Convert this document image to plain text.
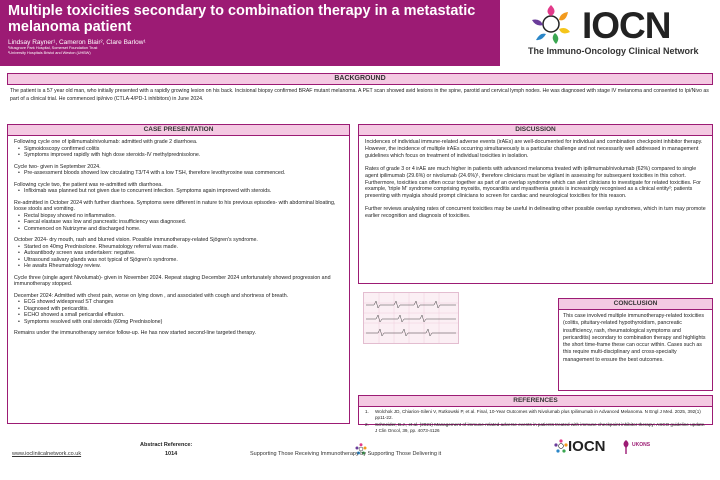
Multiple toxicities secondary to combination therapy in a metastatic melanoma patient
Lindsay Rayner¹, Cameron Blair², Clare Barlow¹
¹Musgrove Park Hospital, Somerset Foundation Trust
²University Hospitals Bristol and Weston (UHBW)
IOCN
The Immuno-Oncology Clinical Network
BACKGROUND
The patient is a 57 year old man, who initially presented with a rapidly growing lesion on his back. Incisional biopsy confirmed BRAF mutant melanoma. A PET scan showed avid lesions in the spine, parotid and cervical lymph nodes. He was diagnosed with stage IV melanoma and consented to Ipi/Nivo as part of a clinical trial. He commenced ipi/nivo (CTLA-4/PD-1 inhibitors) in June 2024.
CASE PRESENTATION

Following cycle one of ipilimumab/nivolumab: admitted with grade 2 diarrhoea.

• Sigmoidoscopy confirmed colitis
• Symptoms improved rapidly with high dose steroids-IV methylprednisolone.

Cycle two- given in September 2024.

• Pre-assessment bloods showed low circulating T3/T4 with a low TSH, therefore levothyroxine was commenced.

Following cycle two, the patient was re-admitted with diarrhoea.

• Infliximab was planned but not given due to concurrent infection. Symptoms again improved with steroids.

Re-admitted in October 2024 with further diarrhoea. Symptoms were different in nature to his previous episodes- with abdominal bloating, loose stools and vomiting.

• Rectal biopsy showed no inflammation.
• Faecal elastase was low and pancreatic insufficiency was diagnosed.
• Commenced on Nutrizyme and discharged home.

October 2024- dry mouth, rash and blurred vision. Possible immunotherapy-related Sjögren's syndrome.

• Started on 40mg Prednisolone. Rheumatology referral was made.
• Autoantibody screen was undertaken: negative.
• Ultrasound salivary glands was not typical of Sjögren's syndrome.
• He awaits Rheumatology review.

Cycle three (single agent Nivolumab)- given in November 2024. Repeat staging December 2024 unfortunately showed progression and immunotherapy stopped.

December 2024: Admitted with chest pain, worse on lying down , and associated with cough and shortness of breath.

• ECG showed widespread ST changes
• Diagnosed with pericarditis.
• ECHO showed a small pericardial effusion.
• Symptoms resolved with oral steroids (60mg Prednisolone)

Remains under the immunotherapy service follow-up. He has now started second-line targeted therapy.

DISCUSSION

Incidences of individual immune-related adverse events (irAEs) are well-documented for individual and combination checkpoint inhibitor therapy. However, the incidence of multiple irAEs occurring simultaneously is a particular challenge and not necessarily well addressed in management guidelines which focus on treatment of individual toxicities in isolation.

Rates of grade 3 or 4 irAE are much higher in patients with advanced melanoma treated with ipilimumab/nivolumab (62%) compared to single agent ipilimumab (29.6%) or nivolumab (24.6%)¹, therefore clinicians must be vigilant in assessing for subsequent toxicities in this cohort. Furthermore, toxicities can often occur together as part of an overlap syndrome which can alert clinicians to investigate for related toxicities. For example, 'triple M' syndrome comprising myositis, myocarditis and myasthenia gravis is increasingly recognised as a clinical entity²; patients presenting with myalgia should prompt clinicians to screen for cardiac and neurological toxicities for this reason.

Further reviews analysing rates of concurrent toxicities may be useful in delineating other possible overlap syndromes, which in turn may promote earlier recognition and diagnosis of toxicities.

CONCLUSION
This case involved multiple immunotherapy-related toxicities (colitis, pituitary-related hypothyroidism, pancreatic insufficiency, rash, rheumatological symptoms and pericarditis) secondary to combination therapy and highlights the short time-frame these can occur within. Cases such as this require multi-disciplinary and cross-specialty management to ensure the best outcomes.
REFERENCES
1. Wolchok JD, Chiarion-Sileni V, Rutkowski P, et al. Final, 10-Year Outcomes with Nivolumab plus Ipilimumab in Advanced Melanoma. N Engl J Med. 2025, 392(1) pp11-22.
2. Schneider, B.J., et al. (2021) Management of immune-related adverse events in patients treated with immune checkpoint inhibitor therapy: ASCO guideline update. J Clin Oncol, 39, pp. 4073-4126
www.iocliniicalnetwork.co.uk
Abstract Reference:
1014	Supporting Those Receiving Immunotherapy by Supporting Those Delivering it	IOCN	UKONS
